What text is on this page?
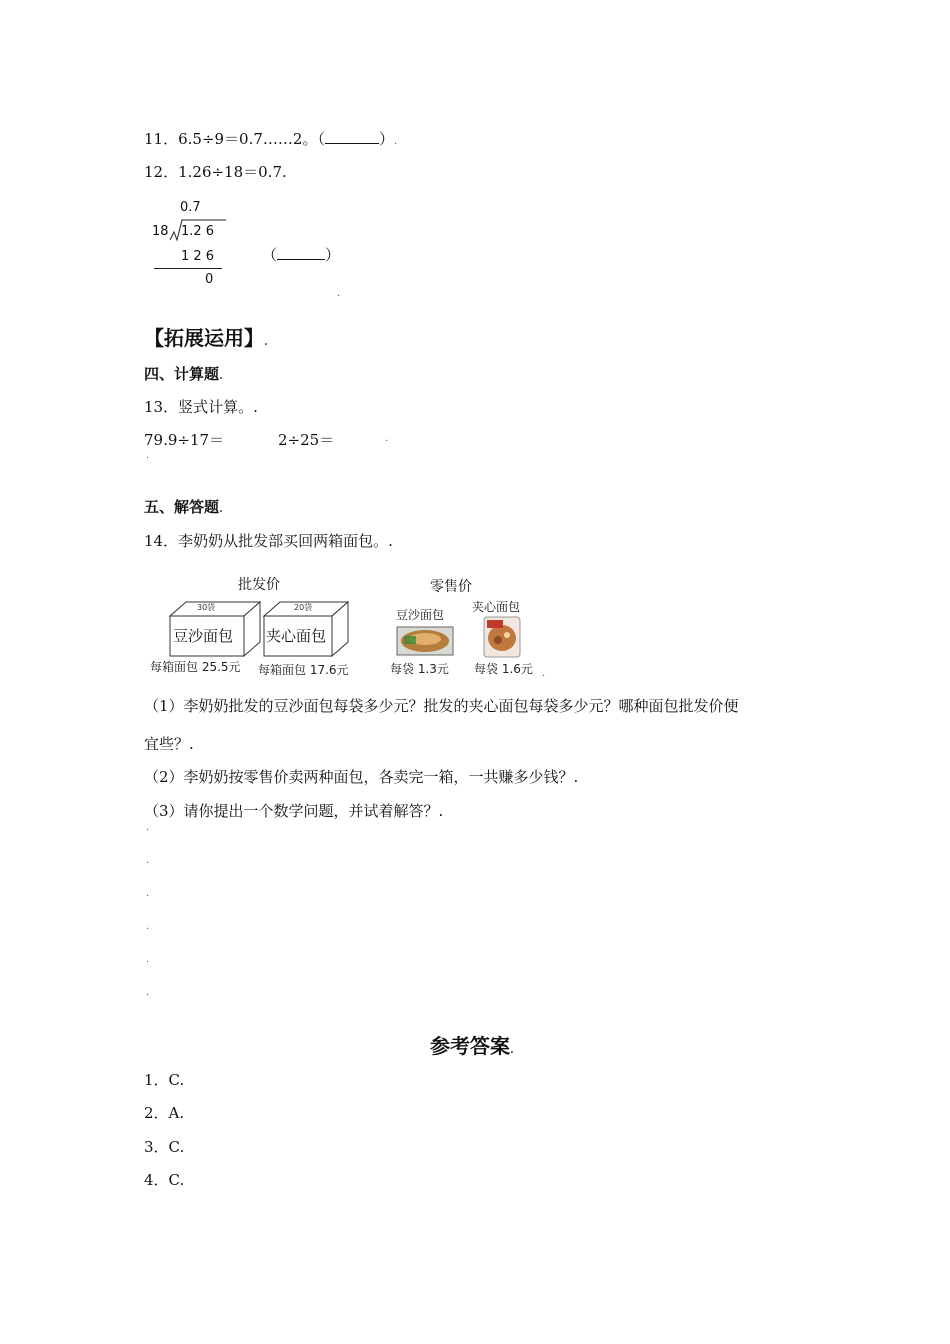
11．6.5÷9＝0.7……2。（	）.
12．1.26÷18＝0.7.
0.7
18 1.2 6
1 2 6
0
（	）
.
【拓展运用】.
四、计算题.
13．竖式计算。.
79.9÷17＝	2÷25＝	.
.
五、解答题.
14．李奶奶从批发部买回两箱面包。.
批发价	零售价
30袋
豆沙面包
每箱面包 25.5元
20袋
夹心面包
每箱面包 17.6元
豆沙面包
每袋 1.3元
夹心面包
每袋 1.6元 .
（1）李奶奶批发的豆沙面包每袋多少元？批发的夹心面包每袋多少元？哪种面包批发价便
宜些？.
（2）李奶奶按零售价卖两种面包，各卖完一箱，一共赚多少钱？.
（3）请你提出一个数学问题，并试着解答？.
.
.
.
.
.
.
参考答案.
1．C.
2．A.
3．C.
4．C.
